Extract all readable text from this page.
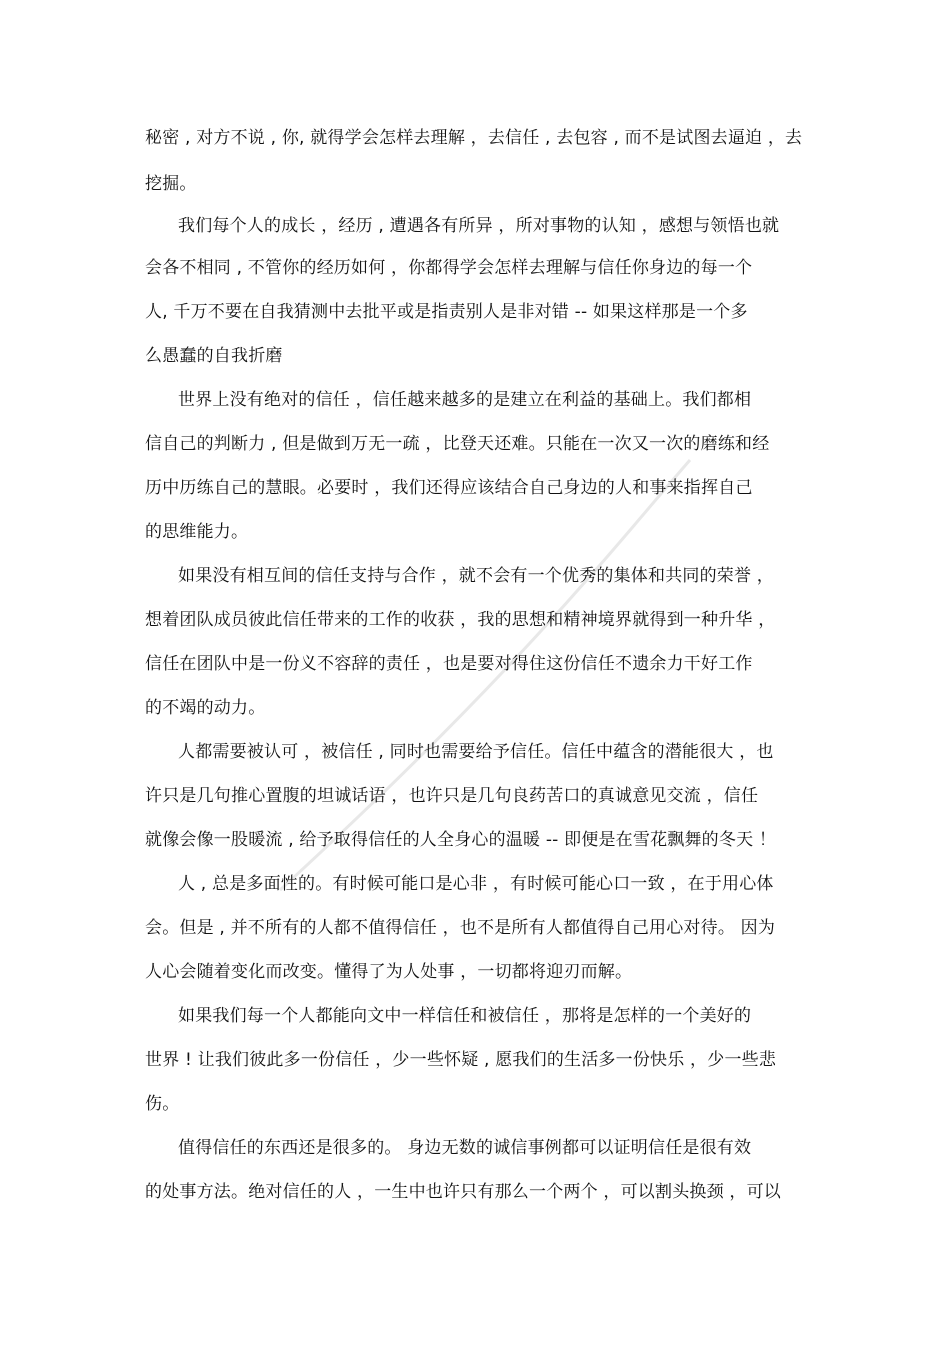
秘密 , 对方不说 , 你, 就得学会怎样去理解 ，去信任 , 去包容 , 而不是试图去逼迫 ，去
挖掘。
我们每个人的成长 ，经历 , 遭遇各有所异 ，所对事物的认知 ，感想与领悟也就
会各不相同 , 不管你的经历如何 ，你都得学会怎样去理解与信任你身边的每一个
人, 千万不要在自我猜测中去批平或是指责别人是非对错 -- 如果这样那是一个多
么愚蠢的自我折磨
世界上没有绝对的信任 ，信任越来越多的是建立在利益的基础上。我们都相
信自己的判断力 , 但是做到万无一疏 ，比登天还难。只能在一次又一次的磨练和经
历中历练自己的慧眼。必要时 ，我们还得应该结合自己身边的人和事来指挥自己
的思维能力。
如果没有相互间的信任支持与合作 ，就不会有一个优秀的集体和共同的荣誉 ，
想着团队成员彼此信任带来的工作的收获 ，我的思想和精神境界就得到一种升华 ，
信任在团队中是一份义不容辞的责任 ，也是要对得住这份信任不遗余力干好工作
的不竭的动力。
人都需要被认可 ，被信任 , 同时也需要给予信任。信任中蕴含的潜能很大 ，也
许只是几句推心置腹的坦诚话语 ，也许只是几句良药苦口的真诚意见交流 ，信任
就像会像一股暖流 , 给予取得信任的人全身心的温暖 -- 即便是在雪花飘舞的冬天 ！
人 , 总是多面性的。有时候可能口是心非 ，有时候可能心口一致 ，在于用心体
会。但是 , 并不所有的人都不值得信任 ，也不是所有人都值得自己用心对待。 因为
人心会随着变化而改变。懂得了为人处事 ，一切都将迎刃而解。
如果我们每一个人都能向文中一样信任和被信任 ，那将是怎样的一个美好的
世界 ! 让我们彼此多一份信任 ，少一些怀疑 , 愿我们的生活多一份快乐 ，少一些悲
伤。
值得信任的东西还是很多的。 身边无数的诚信事例都可以证明信任是很有效
的处事方法。绝对信任的人 ，一生中也许只有那么一个两个 ，可以割头换颈 ，可以
